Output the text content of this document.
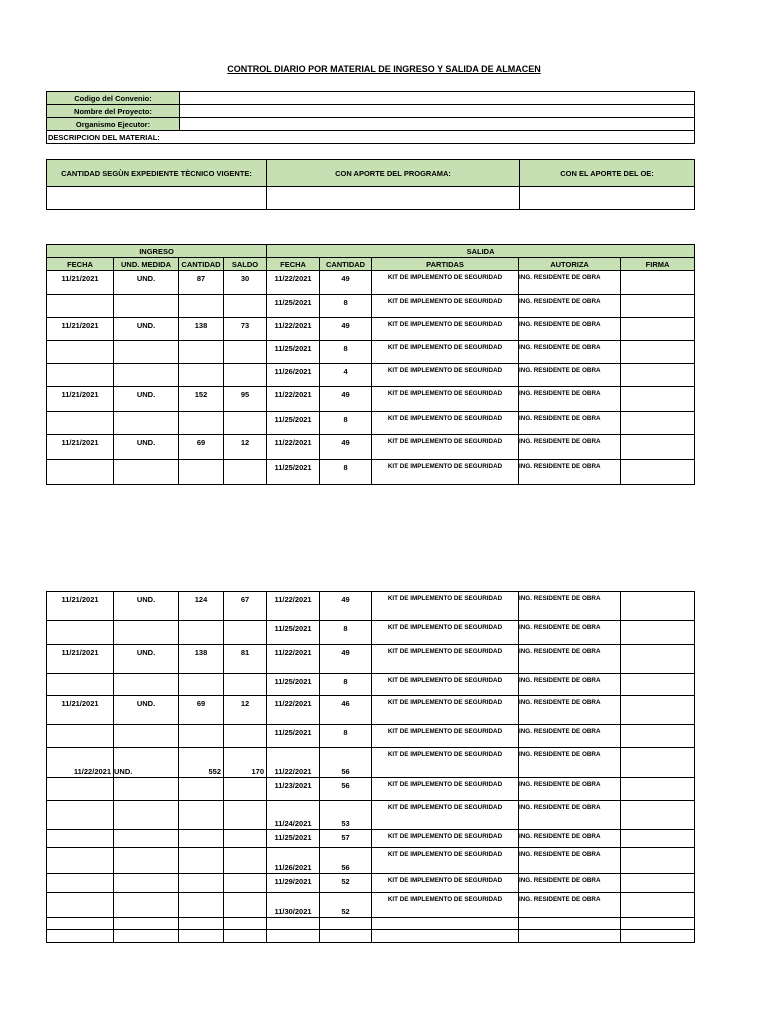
CONTROL DIARIO POR MATERIAL DE INGRESO Y SALIDA DE ALMACEN
Codigo del Convenio:	
Nombre del Proyecto:	
Organismo Ejecutor:	
DESCRIPCION DEL MATERIAL:	
CANTIDAD SEGÙN EXPEDIENTE TÈCNICO VIGENTE:	CON APORTE DEL PROGRAMA:	CON EL APORTE DEL OE:

INGRESO				SALIDA				
FECHA	UND. MEDIDA	CANTIDAD	SALDO	FECHA	CANTIDAD	PARTIDAS	AUTORIZA	FIRMA
11/21/2021	UND.	87	30	11/22/2021	49	KIT DE IMPLEMENTO DE SEGURIDAD	ING. RESIDENTE DE OBRA	
				11/25/2021	8	KIT DE IMPLEMENTO DE SEGURIDAD	ING. RESIDENTE DE OBRA	
11/21/2021	UND.	138	73	11/22/2021	49	KIT DE IMPLEMENTO DE SEGURIDAD	ING. RESIDENTE DE OBRA	
				11/25/2021	8	KIT DE IMPLEMENTO DE SEGURIDAD	ING. RESIDENTE DE OBRA	
				11/26/2021	4	KIT DE IMPLEMENTO DE SEGURIDAD	ING. RESIDENTE DE OBRA	
11/21/2021	UND.	152	95	11/22/2021	49	KIT DE IMPLEMENTO DE SEGURIDAD	ING. RESIDENTE DE OBRA	
				11/25/2021	8	KIT DE IMPLEMENTO DE SEGURIDAD	ING. RESIDENTE DE OBRA	
11/21/2021	UND.	69	12	11/22/2021	49	KIT DE IMPLEMENTO DE SEGURIDAD	ING. RESIDENTE DE OBRA	
				11/25/2021	8	KIT DE IMPLEMENTO DE SEGURIDAD	ING. RESIDENTE DE OBRA	
11/21/2021	UND.	124	67	11/22/2021	49	KIT DE IMPLEMENTO DE SEGURIDAD	ING. RESIDENTE DE OBRA	
				11/25/2021	8	KIT DE IMPLEMENTO DE SEGURIDAD	ING. RESIDENTE DE OBRA	
11/21/2021	UND.	138	81	11/22/2021	49	KIT DE IMPLEMENTO DE SEGURIDAD	ING. RESIDENTE DE OBRA	
				11/25/2021	8	KIT DE IMPLEMENTO DE SEGURIDAD	ING. RESIDENTE DE OBRA	
11/21/2021	UND.	69	12	11/22/2021	46	KIT DE IMPLEMENTO DE SEGURIDAD	ING. RESIDENTE DE OBRA	
				11/25/2021	8	KIT DE IMPLEMENTO DE SEGURIDAD	ING. RESIDENTE DE OBRA	
11/22/2021	UND.	552	170	11/22/2021	56	KIT DE IMPLEMENTO DE SEGURIDAD	ING. RESIDENTE DE OBRA	
				11/23/2021	56	KIT DE IMPLEMENTO DE SEGURIDAD	ING. RESIDENTE DE OBRA	
				11/24/2021	53	KIT DE IMPLEMENTO DE SEGURIDAD	ING. RESIDENTE DE OBRA	
				11/25/2021	57	KIT DE IMPLEMENTO DE SEGURIDAD	ING. RESIDENTE DE OBRA	
				11/26/2021	56	KIT DE IMPLEMENTO DE SEGURIDAD	ING. RESIDENTE DE OBRA	
				11/29/2021	52	KIT DE IMPLEMENTO DE SEGURIDAD	ING. RESIDENTE DE OBRA	
				11/30/2021	52	KIT DE IMPLEMENTO DE SEGURIDAD	ING. RESIDENTE DE OBRA	
